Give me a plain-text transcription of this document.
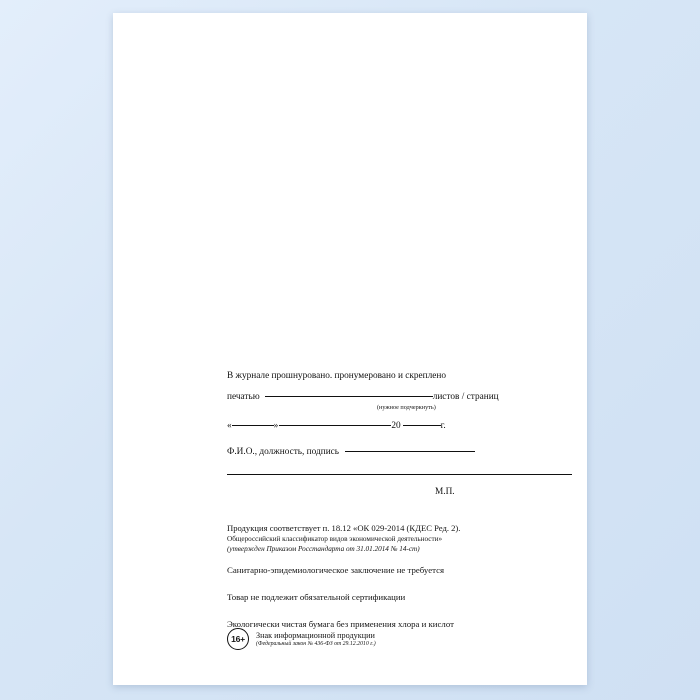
В журнале прошнуровано. пронумеровано и скреплено
печатью	листов / страниц
(нужное подчеркнуть)
«	»	20	г.
Ф.И.О., должность, подпись
М.П.
Продукция соответствует п. 18.12 «ОК 029-2014 (КДЕС Ред. 2).
Общероссийский классификатор видов экономической деятельности»
(утвержден Приказом Росстандарта от 31.01.2014 № 14-ст)
Санитарно-эпидемиологическое заключение не требуется
Товар не подлежит обязательной сертификации
Экологически чистая бумага без применения хлора и кислот
16+	Знак информационной продукции
(Федеральный закон № 436-ФЗ от 29.12.2010 г.)
